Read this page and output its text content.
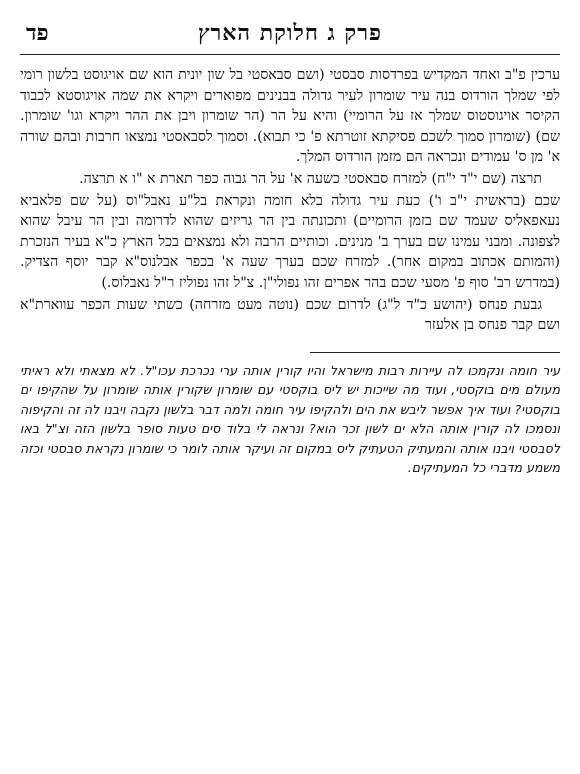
פרק ג חלוקת הארץ
פד

ערכין פ"ב ואחד המקדיש בפרדסות סבסטי (ושם סבאסטי בל שון יונית הוא שם אויגוסט בלשון רומי לפי שמלך הורדוס בנה עיר שומרון לעיר גדולה בבנינים מפוארים ויקרא את שמה אויגוסטא לכבוד הקיסר אויגוסטוס שמלך אז על הרומיי) והיא על הר (הר שומרון ויבן את ההר ויקרא וגו' שומרון. שם) (שומרון סמוך לשכם פסיקתא זוטרתא פ' כי תבוא). וסמוך לסבאסטי נמצאו חרבות ובהם שורה א' מן ס' עמודים ונכראה הם מזמן הורדוס המלך.

תרצה (שם י"ד י"ח) למזרח סבאסטי כשעה א' על הר גבוה כפר תארת א "ו א תרצה.

שכם (בראשית י"ב ו') כעת עיר גדולה בלא חומה ונקראת בל"ע נאבל"וס (על שם פלאביא נעאפאליס שעמד שם בזמן הרומיים) ותכונתה בין הר גריזים שהוא לדרומה ובין הר עיבל שהוא לצפונה. ומבני עמינו שם בערך ב' מנינים. וכותיים הרבה ולא נמצאים בכל הארץ כ"א בעיר הנזכרת (והמותם אכתוב במקום אחר). למזרח שכם בערך שעה א' בכפר אבלנוס"א קבר יוסף הצדיק. (במדרש רב' סוף פ' מסעי שכם בהר אפרים זהו נפולי"ן. צ"ל זהו נפוליז ר"ל נאבלוס.)

גבעת פנחס (יהושע כ"ד ל"ג) לדרום שכם (נוטה מעט מזרחה) כשתי שעות הכפר עווארת"א ושם קבר פנחס בן אלעזר

עיר חומה ונקמכו לה עיירות רבות מישראל והיו קורין אותה ערי נכרכת עכו"ל. לא מצאתי ולא ראיתי מעולם מים בוקסטי, ועוד מה שייכות יש ליס בוקסטי עם שומרון שקורין אותה שומרון על שהקיפו ים בוקסטי? ועוד איך אפשר ליבש את הים ולהקיפו עיר חומה ולמה דבר בלשון נקבה ויבנו לה זה והקיפוה ונסמכו לה קורין אותה הלא ים לשון זכר הוא? ונראה לי בלוד סים טעות סופר בלשון הזה וצ"ל באו לסבסטי ויבנו אותה והמעתיק הטעתיק ליס במקום זה ועיקר אותה לומר כי שומרון נקראת סבסטי וכזה משמע מדברי כל המעתיקים.
